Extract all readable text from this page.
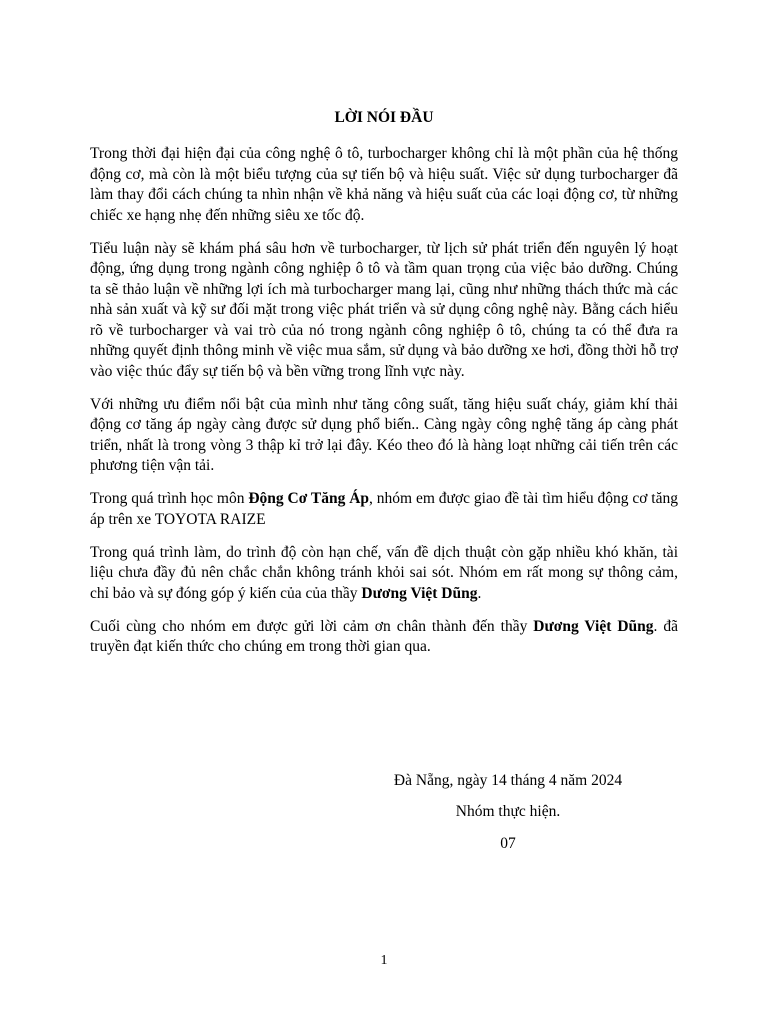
LỜI NÓI ĐẦU

Trong thời đại hiện đại của công nghệ ô tô, turbocharger không chỉ là một phần của hệ thống động cơ, mà còn là một biểu tượng của sự tiến bộ và hiệu suất. Việc sử dụng turbocharger đã làm thay đổi cách chúng ta nhìn nhận về khả năng và hiệu suất của các loại động cơ, từ những chiếc xe hạng nhẹ đến những siêu xe tốc độ.

Tiểu luận này sẽ khám phá sâu hơn về turbocharger, từ lịch sử phát triển đến nguyên lý hoạt động, ứng dụng trong ngành công nghiệp ô tô và tầm quan trọng của việc bảo dưỡng. Chúng ta sẽ thảo luận về những lợi ích mà turbocharger mang lại, cũng như những thách thức mà các nhà sản xuất và kỹ sư đối mặt trong việc phát triển và sử dụng công nghệ này. Bằng cách hiểu rõ về turbocharger và vai trò của nó trong ngành công nghiệp ô tô, chúng ta có thể đưa ra những quyết định thông minh về việc mua sắm, sử dụng và bảo dưỡng xe hơi, đồng thời hỗ trợ vào việc thúc đẩy sự tiến bộ và bền vững trong lĩnh vực này.

Với những ưu điểm nổi bật của mình như tăng công suất, tăng hiệu suất cháy, giảm khí thải động cơ tăng áp ngày càng được sử dụng phổ biến.. Càng ngày công nghệ tăng áp càng phát triển, nhất là trong vòng 3 thập kỉ trở lại đây. Kéo theo đó là hàng loạt những cải tiến trên các phương tiện vận tải.

Trong quá trình học môn Động Cơ Tăng Áp, nhóm em được giao đề tài tìm hiểu động cơ tăng áp trên xe TOYOTA RAIZE

Trong quá trình làm, do trình độ còn hạn chế, vấn đề dịch thuật còn gặp nhiều khó khăn, tài liệu chưa đầy đủ nên chắc chắn không tránh khỏi sai sót. Nhóm em rất mong sự thông cảm, chỉ bảo và sự đóng góp ý kiến của của thầy Dương Việt Dũng.

Cuối cùng cho nhóm em được gửi lời cảm ơn chân thành đến thầy Dương Việt Dũng. đã truyền đạt kiến thức cho chúng em trong thời gian qua.

Đà Nẵng, ngày 14 tháng 4 năm 2024
Nhóm thực hiện.
07
1
